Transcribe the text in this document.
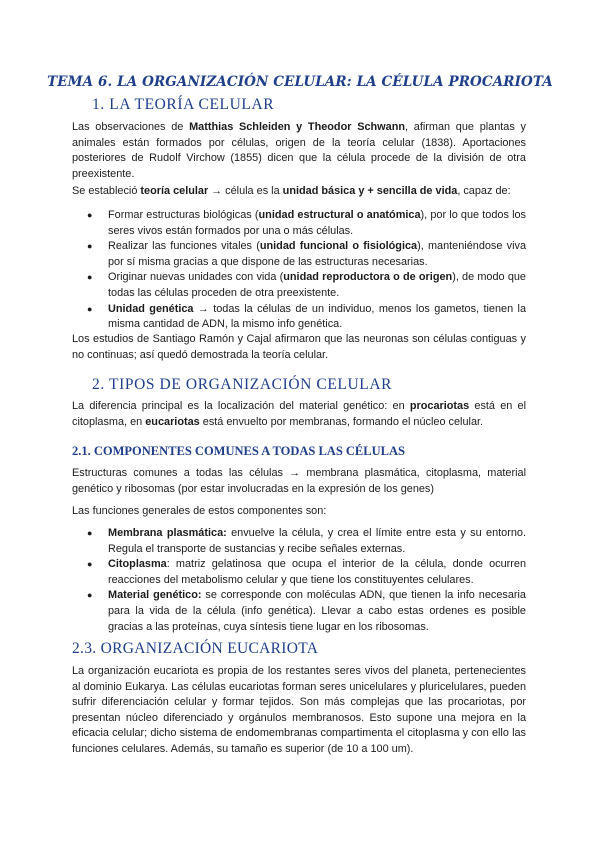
TEMA 6. LA ORGANIZACIÓN CELULAR: LA CÉLULA PROCARIOTA
1. LA TEORÍA CELULAR
Las observaciones de Matthias Schleiden y Theodor Schwann, afirman que plantas y animales están formados por células, origen de la teoría celular (1838). Aportaciones posteriores de Rudolf Virchow (1855) dicen que la célula procede de la división de otra preexistente.
Se estableció teoría celular → célula es la unidad básica y + sencilla de vida, capaz de:
● Formar estructuras biológicas (unidad estructural o anatómica), por lo que todos los seres vivos están formados por una o más células.
● Realizar las funciones vitales (unidad funcional o fisiológica), manteniéndose viva por sí misma gracias a que dispone de las estructuras necesarias.
● Originar nuevas unidades con vida (unidad reproductora o de origen), de modo que todas las células proceden de otra preexistente.
● Unidad genética → todas la células de un individuo, menos los gametos, tienen la misma cantidad de ADN, la mismo info genética.
Los estudios de Santiago Ramón y Cajal afirmaron que las neuronas son células contiguas y no continuas; así quedó demostrada la teoría celular.
2. TIPOS DE ORGANIZACIÓN CELULAR
La diferencia principal es la localización del material genético: en procariotas está en el citoplasma, en eucariotas está envuelto por membranas, formando el núcleo celular.
2.1. COMPONENTES COMUNES A TODAS LAS CÉLULAS
Estructuras comunes a todas las células → membrana plasmática, citoplasma, material genético y ribosomas (por estar involucradas en la expresión de los genes)
Las funciones generales de estos componentes son:
● Membrana plasmática: envuelve la célula, y crea el límite entre esta y su entorno. Regula el transporte de sustancias y recibe señales externas.
● Citoplasma: matriz gelatinosa que ocupa el interior de la célula, donde ocurren reacciones del metabolismo celular y que tiene los constituyentes celulares.
● Material genético: se corresponde con moléculas ADN, que tienen la info necesaria para la vida de la célula (info genética). Llevar a cabo estas ordenes es posible gracias a las proteínas, cuya síntesis tiene lugar en los ribosomas.
2.3. ORGANIZACIÓN EUCARIOTA
La organización eucariota es propia de los restantes seres vivos del planeta, pertenecientes al dominio Eukarya. Las células eucariotas forman seres unicelulares y pluricelulares, pueden sufrir diferenciación celular y formar tejidos. Son más complejas que las procariotas, por presentan núcleo diferenciado y orgánulos membranosos. Esto supone una mejora en la eficacia celular; dicho sistema de endomembranas compartimenta el citoplasma y con ello las funciones celulares. Además, su tamaño es superior (de 10 a 100 um).
